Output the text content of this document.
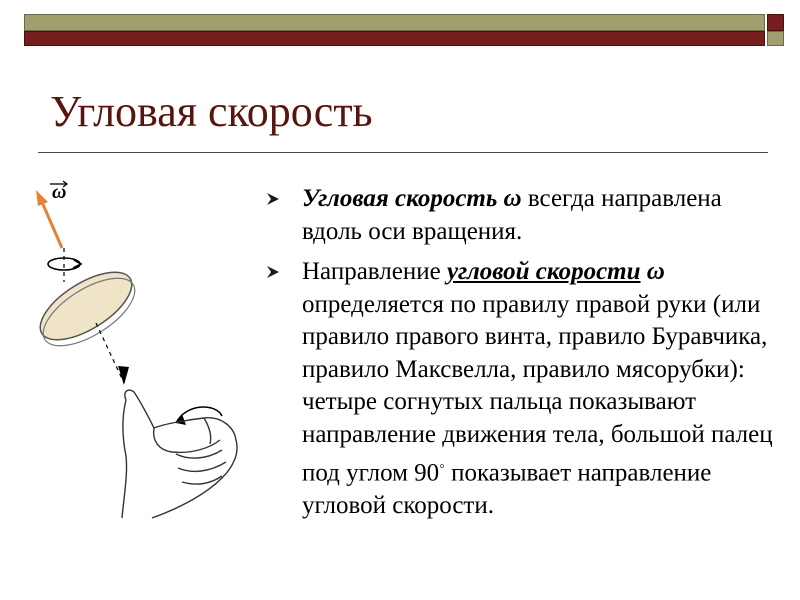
Угловая скорость
ω	Угловая скорость ω всегда направлена вдоль оси вращения.
Направление угловой скорости ω определяется по правилу правой руки (или правило правого винта, правило Буравчика, правило Максвелла, правило мясорубки): четыре согнутых пальца показывают направление движения тела, большой палец под углом 90◦ показывает направление угловой скорости.
